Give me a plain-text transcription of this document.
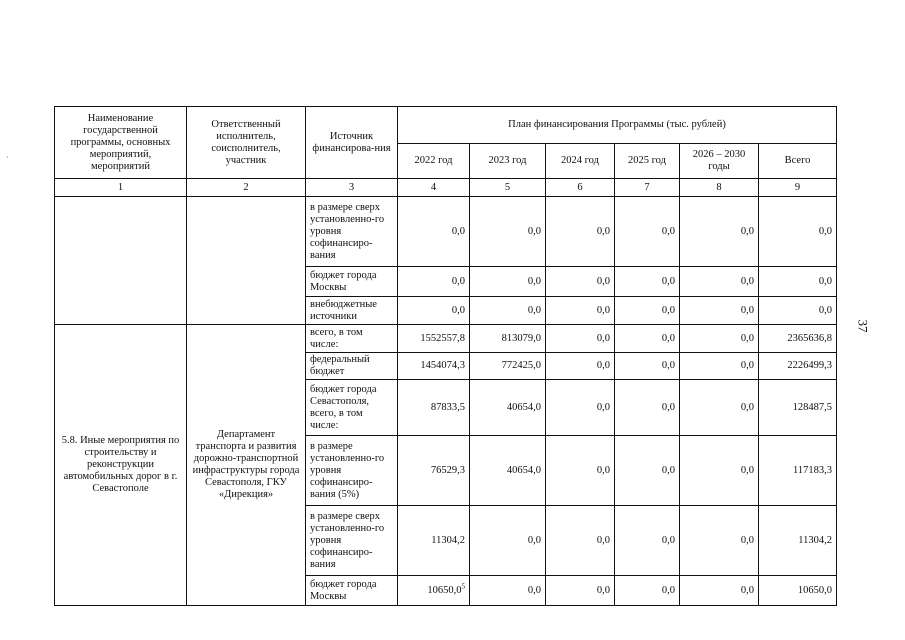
·
Наименование государственной программы, основных мероприятий, мероприятий	Ответственный исполнитель, соисполнитель, участник	Источник финансирова-ния	План финансирования Программы (тыс. рублей)					
			2022 год	2023 год	2024 год	2025 год	2026 – 2030 годы	Всего
1	2	3	4	5	6	7	8	9
		в размере сверх установленно-го уровня софинансиро-вания	0,0	0,0	0,0	0,0	0,0	0,0
		бюджет города Москвы	0,0	0,0	0,0	0,0	0,0	0,0
		внебюджетные источники	0,0	0,0	0,0	0,0	0,0	0,0
5.8. Иные мероприятия по строительству и реконструкции автомобильных дорог в г. Севастополе	Департамент транспорта и развития дорожно-транспортной инфраструктуры города Севастополя, ГКУ «Дирекция»	всего, в том числе:	1552557,8	813079,0	0,0	0,0	0,0	2365636,8
		федеральный бюджет	1454074,3	772425,0	0,0	0,0	0,0	2226499,3
		бюджет города Севастополя, всего, в том числе:	87833,5	40654,0	0,0	0,0	0,0	128487,5
		в размере установленно-го уровня софинансиро-вания (5%)	76529,3	40654,0	0,0	0,0	0,0	117183,3
		в размере сверх установленно-го уровня софинансиро-вания	11304,2	0,0	0,0	0,0	0,0	11304,2
		бюджет города Москвы	10650,0$^5$	0,0	0,0	0,0	0,0	10650,0
37
